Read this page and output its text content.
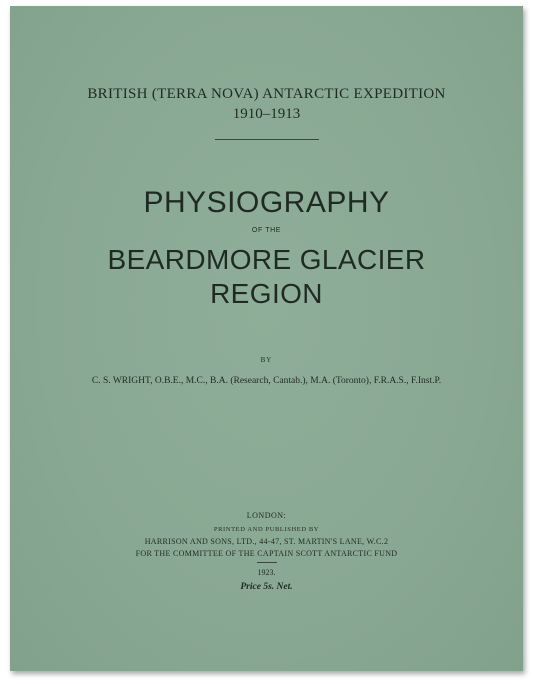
BRITISH (TERRA NOVA) ANTARCTIC EXPEDITION
1910–1913
PHYSIOGRAPHY
OF THE
BEARDMORE GLACIER
REGION
BY
C. S. WRIGHT, O.B.E., M.C., B.A. (Research, Cantab.), M.A. (Toronto), F.R.A.S., F.Inst.P.
LONDON:
PRINTED AND PUBLISHED BY
HARRISON AND SONS, LTD., 44-47, ST. MARTIN'S LANE, W.C.2
FOR THE COMMITTEE OF THE CAPTAIN SCOTT ANTARCTIC FUND
1923.
Price 5s. Net.
